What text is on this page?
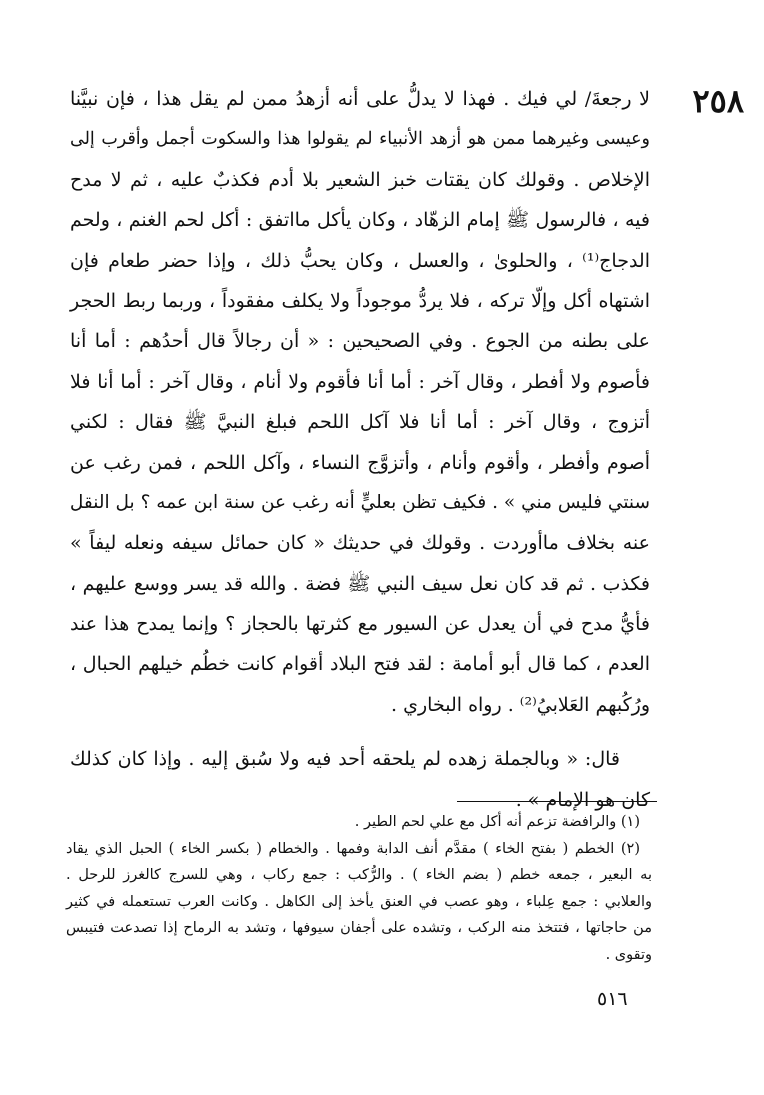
٢٥٨
لا رجعةَ/ لي فيك . فهذا لا يدلُّ على أنه أزهدُ ممن لم يقل هذا ، فإن نبيَّنا
وعيسى وغيرهما ممن هو أزهد الأنبياء لم يقولوا هذا والسكوت أجمل وأقرب إلى
الإخلاص . وقولك كان يقتات خبز الشعير بلا أدم فكذبٌ عليه ، ثم لا مدح
فيه ، فالرسول ﷺ إمام الزهّاد ، وكان يأكل مااتفق : أكل لحم الغنم ، ولحم
الدجاج⁽¹⁾ ، والحلوىٰ ، والعسل ، وكان يحبُّ ذلك ، وإذا حضر طعام فإن
اشتهاه أكل وإلّا تركه ، فلا يردُّ موجوداً ولا يكلف مفقوداً ، وربما ربط الحجر
على بطنه من الجوع . وفي الصحيحين : « أن رجالاً قال أحدُهم : أما أنا
فأصوم ولا أفطر ، وقال آخر : أما أنا فأقوم ولا أنام ، وقال آخر : أما أنا فلا
أتزوج ، وقال آخر : أما أنا فلا آكل اللحم فبلغ النبيَّ ﷺ فقال : لكني
أصوم وأفطر ، وأقوم وأنام ، وأتزوَّج النساء ، وآكل اللحم ، فمن رغب عن
سنتي فليس مني » . فكيف تظن بعليٍّ أنه رغب عن سنة ابن عمه ؟ بل النقل
عنه بخلاف ماأوردت . وقولك في حديثك « كان حمائل سيفه ونعله ليفاً »
فكذب . ثم قد كان نعل سيف النبي ﷺ فضة . والله قد يسر ووسع عليهم ،
فأيُّ مدح في أن يعدل عن السيور مع كثرتها بالحجاز ؟ وإنما يمدح هذا عند
العدم ، كما قال أبو أمامة : لقد فتح البلاد أقوام كانت خطُم خيلهم الحبال ،
ورُكُبهم العَلابيُ⁽²⁾ . رواه البخاري .
قال: « وبالجملة زهده لم يلحقه أحد فيه ولا سُبق إليه . وإذا كان كذلك
كان هو الإمام » .
(١) والرافضة تزعم أنه أكل مع علي لحم الطير .
(٢) الخطم ( بفتح الخاء ) مقدَّم أنف الدابة وفمها . والخطام ( بكسر الخاء ) الحبل الذي يقاد
به البعير ، جمعه خطم ( بضم الخاء ) . والرُّكب : جمع ركاب ، وهي للسرج كالغرز للرحل .
والعلابي : جمع عِلباء ، وهو عصب في العنق يأخذ إلى الكاهل . وكانت العرب تستعمله في كثير
من حاجاتها ، فتتخذ منه الركب ، وتشده على أجفان سيوفها ، وتشد به الرماح إذا تصدعت فتيبس
وتقوى .
٥١٦
